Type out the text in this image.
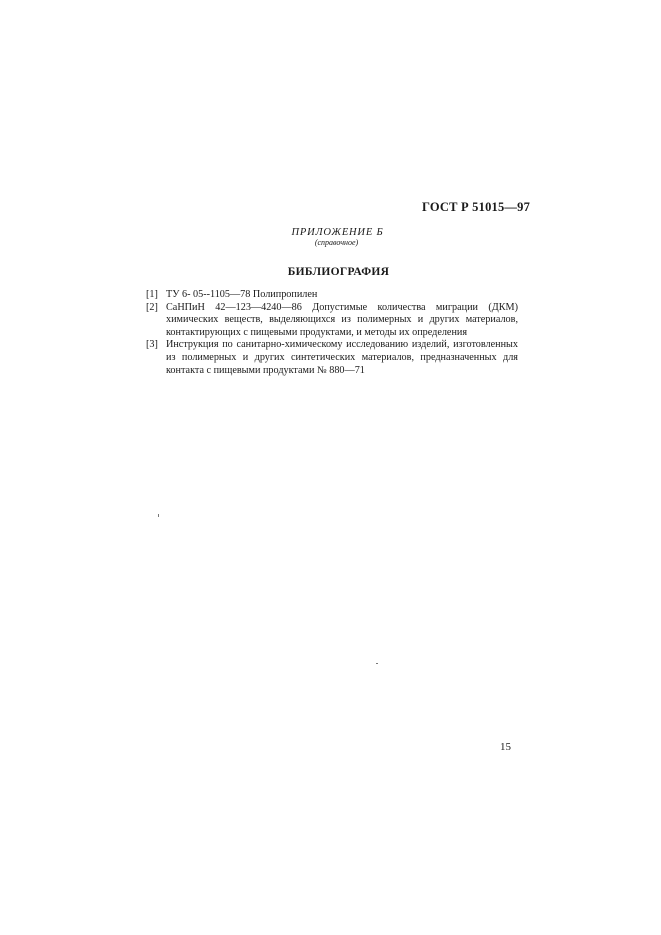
ГОСТ Р 51015—97
ПРИЛОЖЕНИЕ Б
(справочное)
БИБЛИОГРАФИЯ
[1] ТУ 6- 05--1105—78 Полипропилен
[2] СаНПиН 42—123—4240—86 Допустимые количества миграции (ДКМ) химических веществ, выделяющихся из полимерных и других материалов, контактирующих с пищевыми продуктами, и методы их определения
[3] Инструкция по санитарно-химическому исследованию изделий, изготовленных из полимерных и других синтетических материалов, предназначенных для контакта с пищевыми продуктами № 880—71
15
